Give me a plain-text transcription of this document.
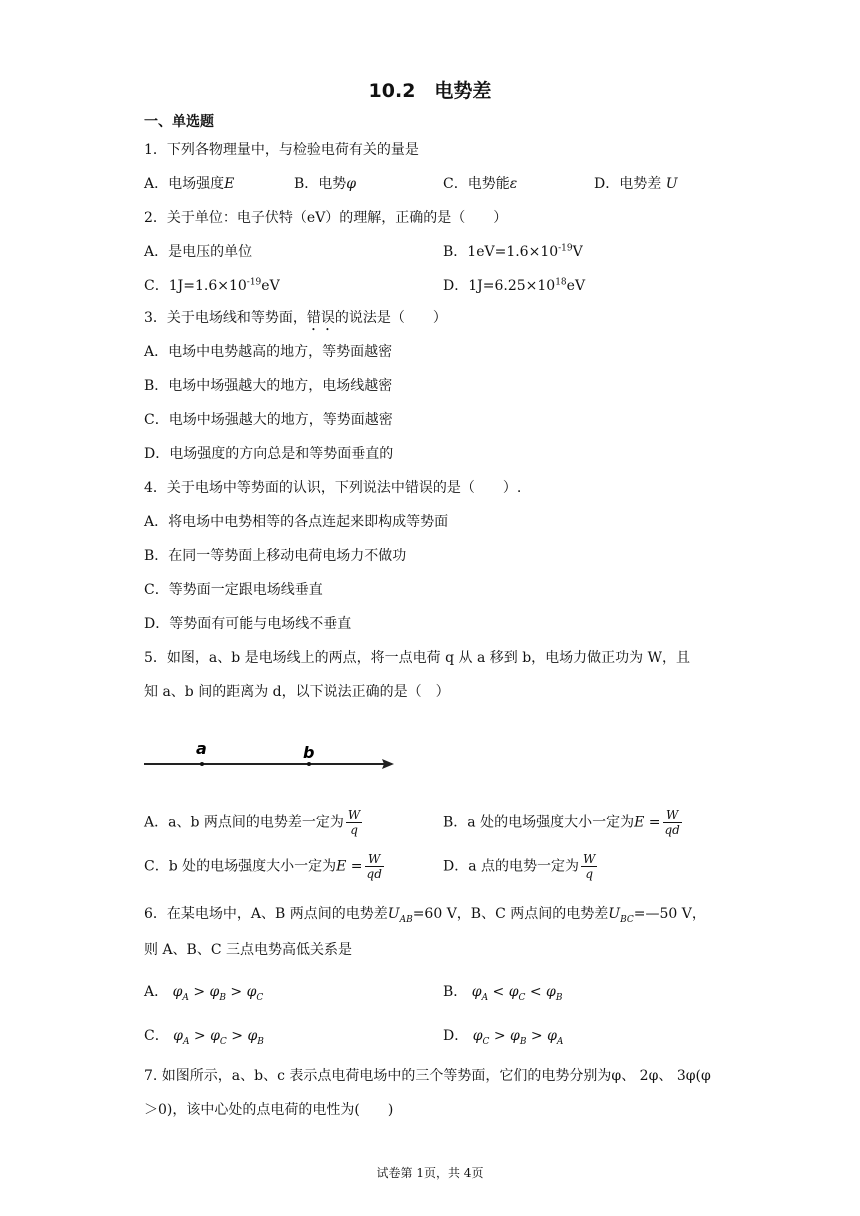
10.2　电势差
一、单选题
1．下列各物理量中，与检验电荷有关的量是
A．电场强度E	B．电势φ	C．电势能ε	D．电势差 U
2．关于单位：电子伏特（eV）的理解，正确的是（　　）
A．是电压的单位	B．$1eV=1.6\times 10^{-19}V$
C．$1J=1.6\times 10^{-19}eV$	D．$1J=6.25\times 10^{18}eV$
3．关于电场线和等势面，错误的说法是（　　）
A．电场中电势越高的地方，等势面越密
B．电场中场强越大的地方，电场线越密
C．电场中场强越大的地方，等势面越密
D．电场强度的方向总是和等势面垂直的
4．关于电场中等势面的认识，下列说法中错误的是（　　）.
A．将电场中电势相等的各点连起来即构成等势面
B．在同一等势面上移动电荷电场力不做功
C．等势面一定跟电场线垂直
D．等势面有可能与电场线不垂直
5．如图，a、b 是电场线上的两点，将一点电荷 q 从 a 移到 b，电场力做正功为 W，且
知 a、b 间的距离为 d，以下说法正确的是（　）
a	b
A．a、b 两点间的电势差一定为 $\frac{W}{q}$	B．a 处的电场强度大小一定为$E = \frac{W}{qd}$
C．b 处的电场强度大小一定为$E = \frac{W}{qd}$	D．a 点的电势一定为 $\frac{W}{q}$
6．在某电场中，A、B 两点间的电势差$U_{AB}=60$ V，B、C 两点间的电势差$U_{BC}=—50$ V，
则 A、B、C 三点电势高低关系是
A． $\varphi_A > \varphi_B > \varphi_C$	B． $\varphi_A < \varphi_C < \varphi_B$
C． $\varphi_A > \varphi_C > \varphi_B$	D． $\varphi_C > \varphi_B > \varphi_A$
7. 如图所示，a、b、c 表示点电荷电场中的三个等势面，它们的电势分别为φ、 2φ、 3φ(φ
＞0)，该中心处的点电荷的电性为(　　)
试卷第 1页，共 4页
